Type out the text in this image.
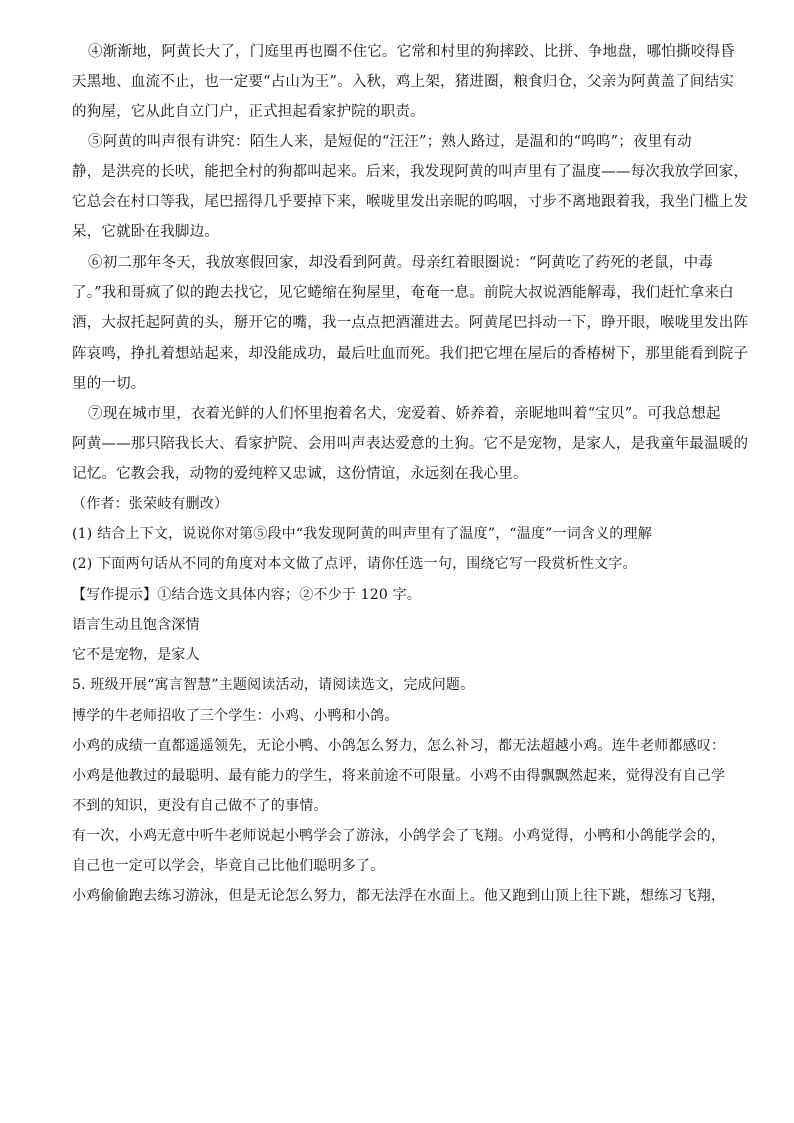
④渐渐地，阿黄长大了，门庭里再也圈不住它。它常和村里的狗摔跤、比拼、争地盘，哪怕撕咬得昏
天黑地、血流不止，也一定要“占山为王”。入秋，鸡上架，猪进圈，粮食归仓，父亲为阿黄盖了间结实
的狗屋，它从此自立门户，正式担起看家护院的职责。
⑤阿黄的叫声很有讲究：陌生人来，是短促的“汪汪”；熟人路过，是温和的“呜呜”；夜里有动
静，是洪亮的长吠，能把全村的狗都叫起来。后来，我发现阿黄的叫声里有了温度——每次我放学回家，
它总会在村口等我，尾巴摇得几乎要掉下来，喉咙里发出亲昵的呜咽，寸步不离地跟着我，我坐门槛上发
呆，它就卧在我脚边。
⑥初二那年冬天，我放寒假回家，却没看到阿黄。母亲红着眼圈说：“阿黄吃了药死的老鼠，中毒
了。”我和哥疯了似的跑去找它，见它蜷缩在狗屋里，奄奄一息。前院大叔说酒能解毒，我们赶忙拿来白
酒，大叔托起阿黄的头，掰开它的嘴，我一点点把酒灌进去。阿黄尾巴抖动一下，睁开眼，喉咙里发出阵
阵哀鸣，挣扎着想站起来，却没能成功，最后吐血而死。我们把它埋在屋后的香椿树下，那里能看到院子
里的一切。
⑦现在城市里，衣着光鲜的人们怀里抱着名犬，宠爱着、娇养着，亲昵地叫着“宝贝”。可我总想起
阿黄——那只陪我长大、看家护院、会用叫声表达爱意的土狗。它不是宠物，是家人，是我童年最温暖的
记忆。它教会我，动物的爱纯粹又忠诚，这份情谊，永远刻在我心里。
（作者：张荣岐有删改）
(1) 结合上下文，说说你对第⑤段中“我发现阿黄的叫声里有了温度”，“温度”一词含义的理解
(2) 下面两句话从不同的角度对本文做了点评，请你任选一句，围绕它写一段赏析性文字。
【写作提示】①结合选文具体内容；②不少于 120 字。
语言生动且饱含深情
它不是宠物，是家人
5. 班级开展“寓言智慧”主题阅读活动，请阅读选文，完成问题。
博学的牛老师招收了三个学生：小鸡、小鸭和小鸽。
小鸡的成绩一直都遥遥领先，无论小鸭、小鸽怎么努力，怎么补习，都无法超越小鸡。连牛老师都感叹：
小鸡是他教过的最聪明、最有能力的学生，将来前途不可限量。小鸡不由得飘飘然起来，觉得没有自己学
不到的知识，更没有自己做不了的事情。
有一次，小鸡无意中听牛老师说起小鸭学会了游泳，小鸽学会了飞翔。小鸡觉得，小鸭和小鸽能学会的，
自己也一定可以学会，毕竟自己比他们聪明多了。
小鸡偷偷跑去练习游泳，但是无论怎么努力，都无法浮在水面上。他又跑到山顶上往下跳，想练习飞翔，
